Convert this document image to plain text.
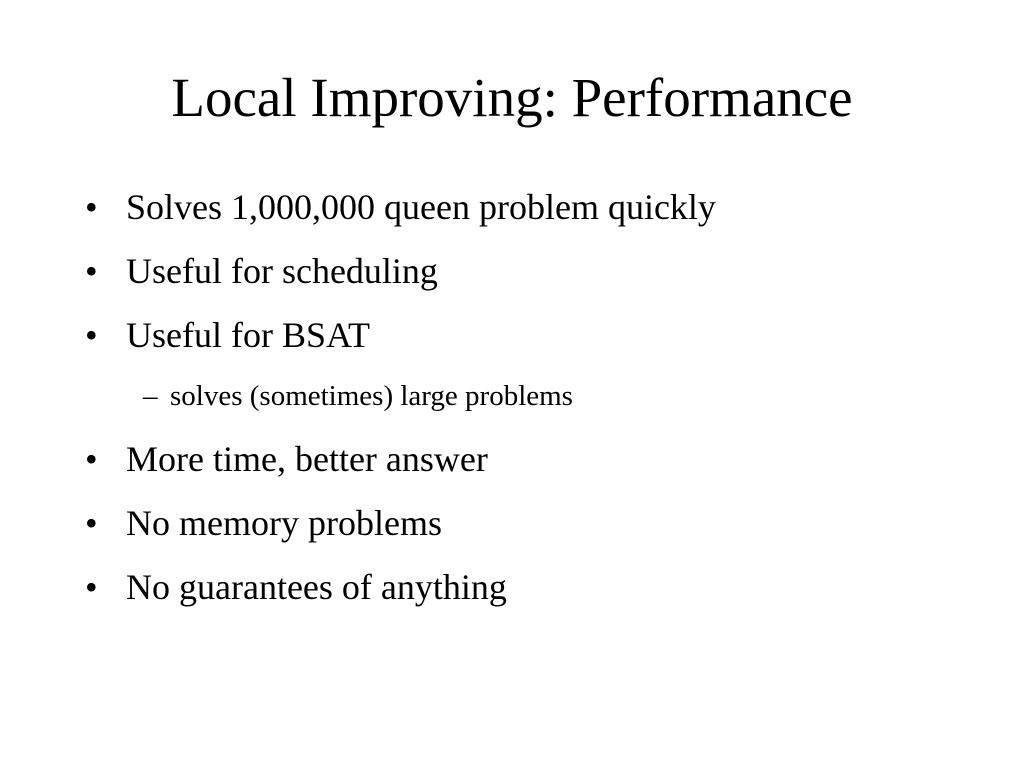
Local Improving: Performance
• Solves 1,000,000 queen problem quickly
• Useful for scheduling
• Useful for BSAT
– solves (sometimes) large problems
• More time, better answer
• No memory problems
• No guarantees of anything
